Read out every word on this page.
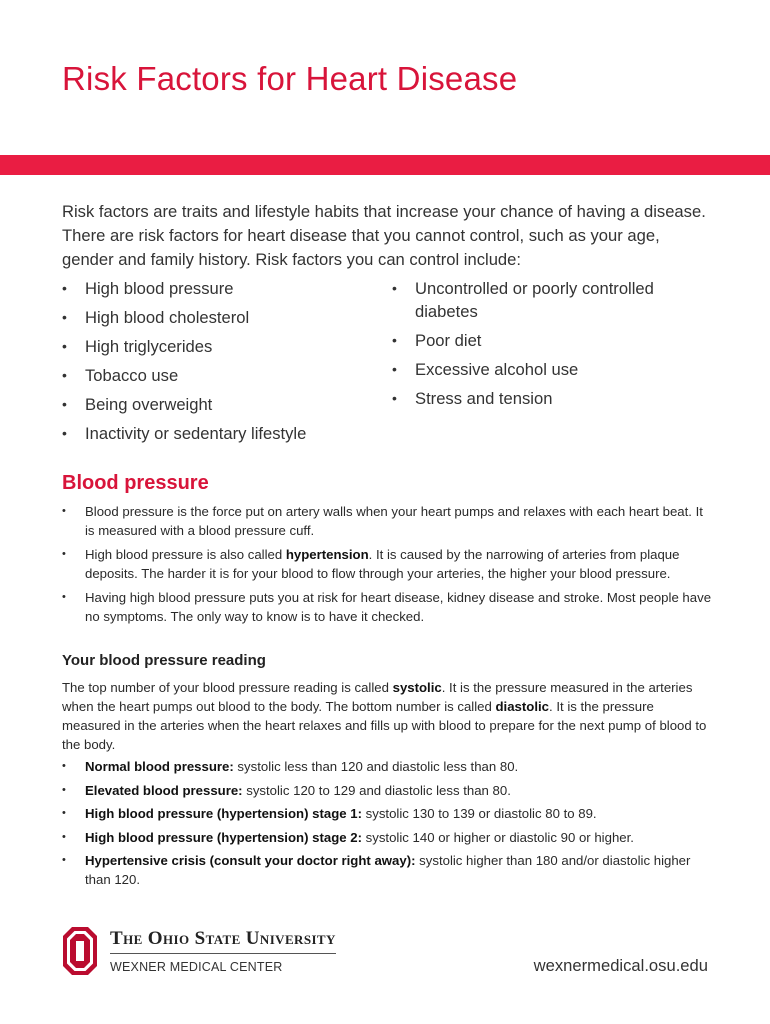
Risk Factors for Heart Disease

Risk factors are traits and lifestyle habits that increase your chance of having a disease. There are risk factors for heart disease that you cannot control, such as your age, gender and family history. Risk factors you can control include:

• High blood pressure
• High blood cholesterol
• High triglycerides
• Tobacco use
• Being overweight
• Inactivity or sedentary lifestyle
• Uncontrolled or poorly controlled diabetes
• Poor diet
• Excessive alcohol use
• Stress and tension
Blood pressure
• Blood pressure is the force put on artery walls when your heart pumps and relaxes with each heart beat. It is measured with a blood pressure cuff.
• High blood pressure is also called hypertension. It is caused by the narrowing of arteries from plaque deposits. The harder it is for your blood to flow through your arteries, the higher your blood pressure.
• Having high blood pressure puts you at risk for heart disease, kidney disease and stroke. Most people have no symptoms. The only way to know is to have it checked.
Your blood pressure reading

The top number of your blood pressure reading is called systolic. It is the pressure measured in the arteries when the heart pumps out blood to the body. The bottom number is called diastolic. It is the pressure measured in the arteries when the heart relaxes and fills up with blood to prepare for the next pump of blood to the body.

• Normal blood pressure: systolic less than 120 and diastolic less than 80.
• Elevated blood pressure: systolic 120 to 129 and diastolic less than 80.
• High blood pressure (hypertension) stage 1: systolic 130 to 139 or diastolic 80 to 89.
• High blood pressure (hypertension) stage 2: systolic 140 or higher or diastolic 90 or higher.
• Hypertensive crisis (consult your doctor right away): systolic higher than 180 and/or diastolic higher than 120.
The Ohio State University
WEXNER MEDICAL CENTER	wexnermedical.osu.edu
